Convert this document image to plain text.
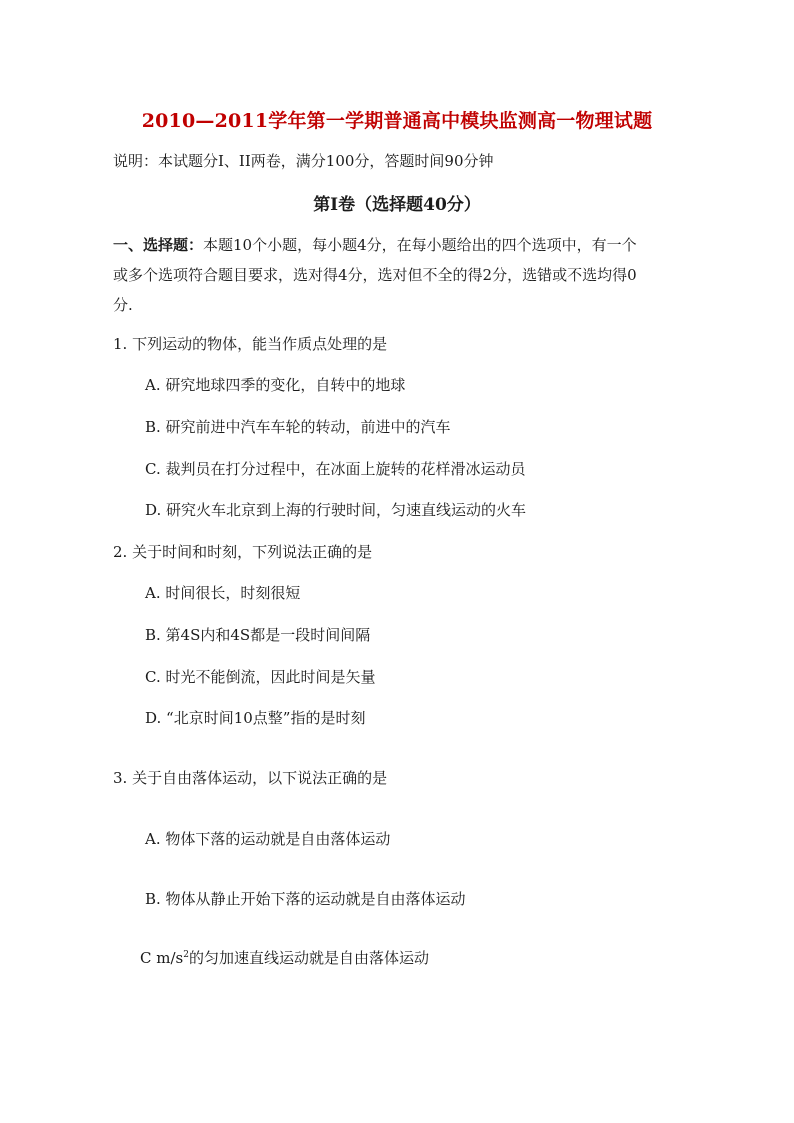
2010—2011学年第一学期普通高中模块监测高一物理试题
说明：本试题分I、II两卷，满分100分，答题时间90分钟
第Ⅰ卷（选择题40分）
一、选择题：本题10个小题，每小题4分，在每小题给出的四个选项中，有一个
或多个选项符合题目要求，选对得4分，选对但不全的得2分，选错或不选均得0
分.
1. 下列运动的物体，能当作质点处理的是
A. 研究地球四季的变化，自转中的地球
B. 研究前进中汽车车轮的转动，前进中的汽车
C. 裁判员在打分过程中，在冰面上旋转的花样滑冰运动员
D. 研究火车北京到上海的行驶时间，匀速直线运动的火车
2. 关于时间和时刻，下列说法正确的是
A. 时间很长，时刻很短
B. 第4S内和4S都是一段时间间隔
C. 时光不能倒流，因此时间是矢量
D. “北京时间10点整”指的是时刻
3. 关于自由落体运动，以下说法正确的是
A. 物体下落的运动就是自由落体运动
B. 物体从静止开始下落的运动就是自由落体运动
C $m/s^2$的匀加速直线运动就是自由落体运动
